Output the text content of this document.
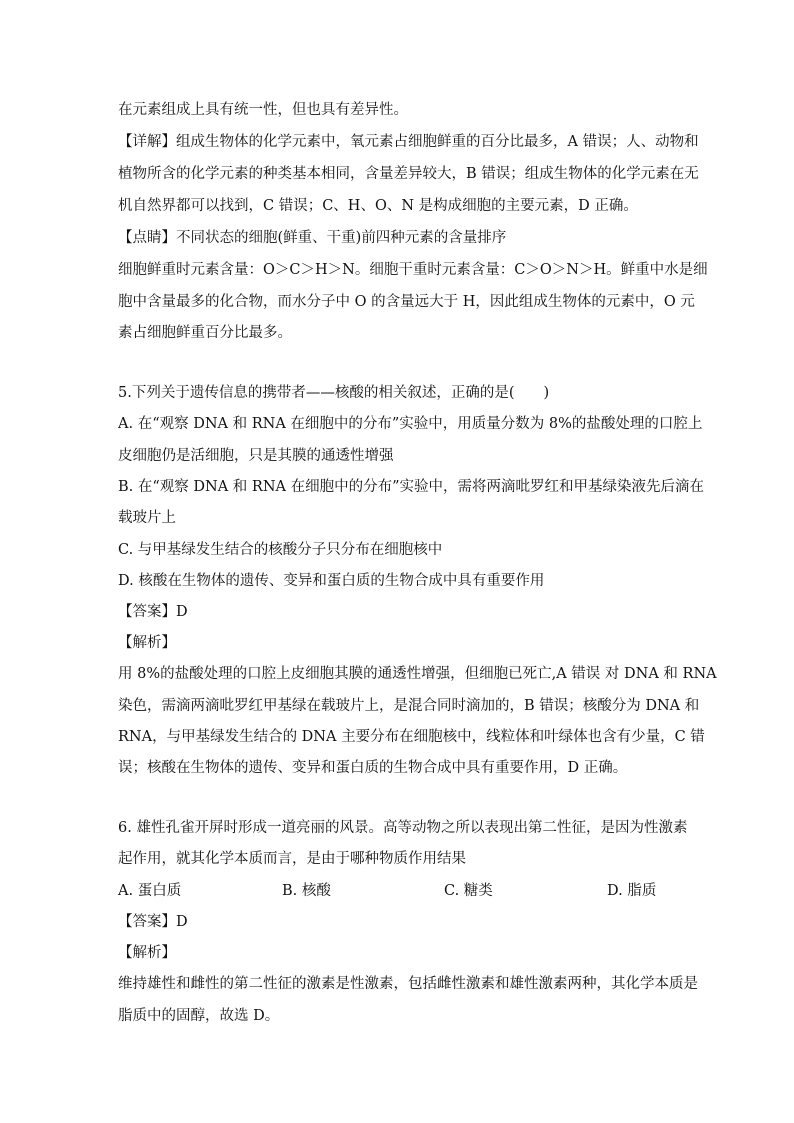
在元素组成上具有统一性，但也具有差异性。
【详解】组成生物体的化学元素中，氧元素占细胞鲜重的百分比最多，A 错误；人、动物和
植物所含的化学元素的种类基本相同，含量差异较大，B 错误；组成生物体的化学元素在无
机自然界都可以找到，C 错误；C、H、O、N 是构成细胞的主要元素，D 正确。
【点睛】不同状态的细胞(鲜重、干重)前四种元素的含量排序
细胞鲜重时元素含量：O＞C＞H＞N。细胞干重时元素含量：C＞O＞N＞H。鲜重中水是细
胞中含量最多的化合物，而水分子中 O 的含量远大于 H，因此组成生物体的元素中，O 元
素占细胞鲜重百分比最多。
5.下列关于遗传信息的携带者——核酸的相关叙述，正确的是(　　)
A. 在“观察 DNA 和 RNA 在细胞中的分布”实验中，用质量分数为 8%的盐酸处理的口腔上
皮细胞仍是活细胞，只是其膜的通透性增强
B. 在“观察 DNA 和 RNA 在细胞中的分布”实验中，需将两滴吡罗红和甲基绿染液先后滴在
载玻片上
C. 与甲基绿发生结合的核酸分子只分布在细胞核中
D. 核酸在生物体的遗传、变异和蛋白质的生物合成中具有重要作用
【答案】D
【解析】
用 8%的盐酸处理的口腔上皮细胞其膜的通透性增强，但细胞已死亡,A 错误 对 DNA 和 RNA
染色，需滴两滴吡罗红甲基绿在载玻片上，是混合同时滴加的，B 错误；核酸分为 DNA 和
RNA，与甲基绿发生结合的 DNA 主要分布在细胞核中，线粒体和叶绿体也含有少量，C 错
误；核酸在生物体的遗传、变异和蛋白质的生物合成中具有重要作用，D 正确。
6. 雄性孔雀开屏时形成一道亮丽的风景。高等动物之所以表现出第二性征，是因为性激素
起作用，就其化学本质而言，是由于哪种物质作用结果
A. 蛋白质	B. 核酸	C. 糖类	D. 脂质
【答案】D
【解析】
维持雄性和雌性的第二性征的激素是性激素，包括雌性激素和雄性激素两种，其化学本质是
脂质中的固醇，故选 D。
